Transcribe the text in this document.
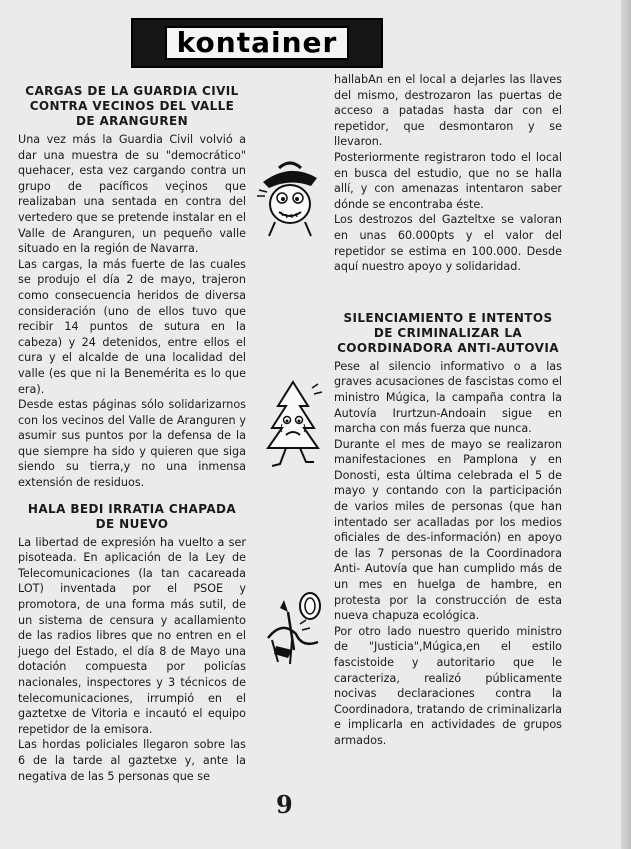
kontainer
CARGAS DE LA GUARDIA CIVIL CONTRA VECINOS DEL VALLE DE ARANGUREN

Una vez más la Guardia Civil volvió a dar una muestra de su "democrático" quehacer, esta vez cargando contra un grupo de pacíficos veçinos que realizaban una sentada en contra del vertedero que se pretende instalar en el Valle de Aranguren, un pequeño valle situado en la región de Navarra.

Las cargas, la más fuerte de las cuales se produjo el día 2 de mayo, trajeron como consecuencia heridos de diversa consideración (uno de ellos tuvo que recibir 14 puntos de sutura en la cabeza) y 24 detenidos, entre ellos el cura y el alcalde de una localidad del valle (es que ni la Benemérita es lo que era).

Desde estas páginas sólo solidarizarnos con los vecinos del Valle de Aranguren y asumir sus puntos por la defensa de la que siempre ha sido y quieren que siga siendo su tierra,y no una inmensa extensión de residuos.

HALA BEDI IRRATIA CHAPADA DE NUEVO

La libertad de expresión ha vuelto a ser pisoteada. En aplicación de la Ley de Telecomunicaciones (la tan cacareada LOT) inventada por el PSOE y promotora, de una forma más sutil, de un sistema de censura y acallamiento de las radios libres que no entren en el juego del Estado, el día 8 de Mayo una dotación compuesta por policías nacionales, inspectores y 3 técnicos de telecomunicaciones, irrumpió en el gaztetxe de Vitoria e incautó el equipo repetidor de la emisora.

Las hordas policiales llegaron sobre las 6 de la tarde al gaztetxe y, ante la negativa de las 5 personas que se

hallabAn en el local a dejarles las llaves del mismo, destrozaron las puertas de acceso a patadas hasta dar con el repetidor, que desmontaron y se llevaron.

Posteriormente registraron todo el local en busca del estudio, que no se halla allí, y con amenazas intentaron saber dónde se encontraba éste.

Los destrozos del Gazteltxe se valoran en unas 60.000pts y el valor del repetidor se estima en 100.000. Desde aquí nuestro apoyo y solidaridad.

SILENCIAMIENTO E INTENTOS DE CRIMINALIZAR LA COORDINADORA ANTI-AUTOVIA

Pese al silencio informativo o a las graves acusaciones de fascistas como el ministro Múgica, la campaña contra la Autovía Irurtzun-Andoain sigue en marcha con más fuerza que nunca.

Durante el mes de mayo se realizaron manifestaciones en Pamplona y en Donosti, esta última celebrada el 5 de mayo y contando con la participación de varios miles de personas (que han intentado ser acalladas por los medios oficiales de des-información) en apoyo de las 7 personas de la Coordinadora Anti- Autovía que han cumplido más de un mes en huelga de hambre, en protesta por la construcción de esta nueva chapuza ecológica.

Por otro lado nuestro querido ministro de "Justicia",Múgica,en el estilo fascistoide y autoritario que le caracteriza, realizó públicamente nocivas declaraciones contra la Coordinadora, tratando de criminalizarla e implicarla en actividades de grupos armados.

9
